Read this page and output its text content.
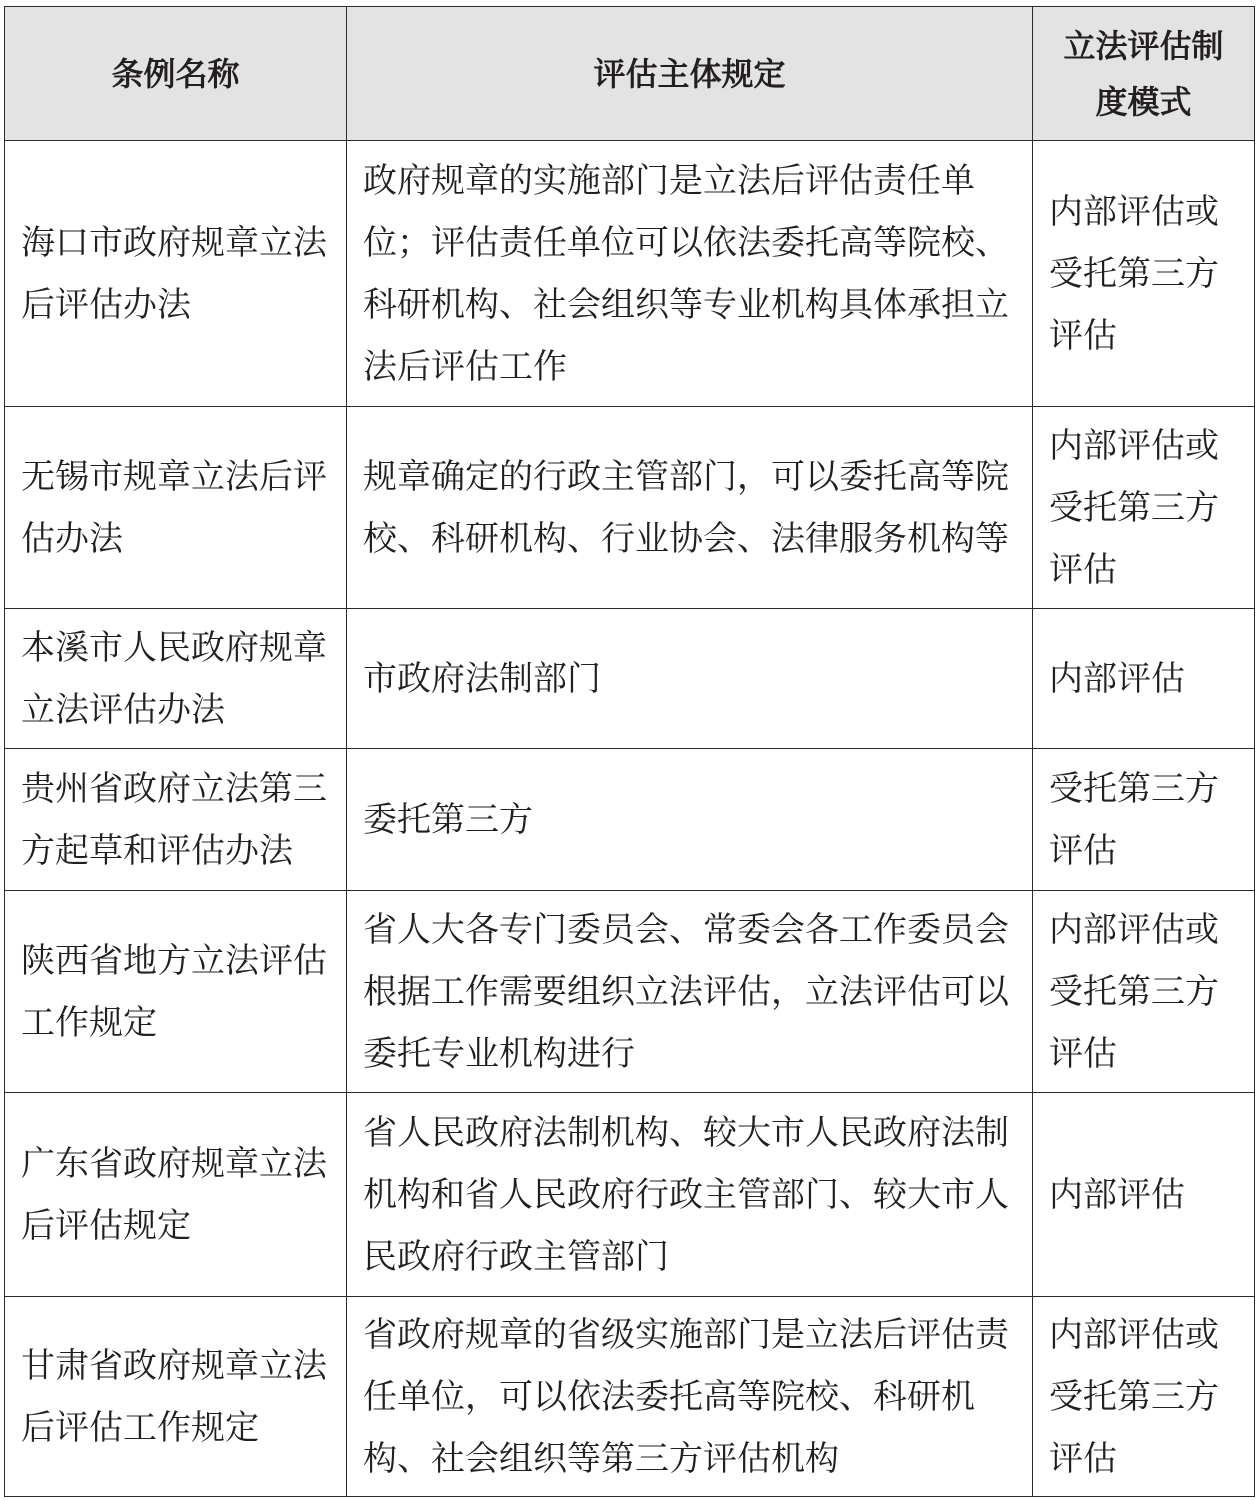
条例名称	评估主体规定	立法评估制度模式
海口市政府规章立法后评估办法	政府规章的实施部门是立法后评估责任单位；评估责任单位可以依法委托高等院校、科研机构、社会组织等专业机构具体承担立法后评估工作	内部评估或受托第三方评估
无锡市规章立法后评估办法	规章确定的行政主管部门，可以委托高等院校、科研机构、行业协会、法律服务机构等	内部评估或受托第三方评估
本溪市人民政府规章立法评估办法	市政府法制部门	内部评估
贵州省政府立法第三方起草和评估办法	委托第三方	受托第三方评估
陕西省地方立法评估工作规定	省人大各专门委员会、常委会各工作委员会根据工作需要组织立法评估，立法评估可以委托专业机构进行	内部评估或受托第三方评估
广东省政府规章立法后评估规定	省人民政府法制机构、较大市人民政府法制机构和省人民政府行政主管部门、较大市人民政府行政主管部门	内部评估
甘肃省政府规章立法后评估工作规定	省政府规章的省级实施部门是立法后评估责任单位，可以依法委托高等院校、科研机构、社会组织等第三方评估机构	内部评估或受托第三方评估
